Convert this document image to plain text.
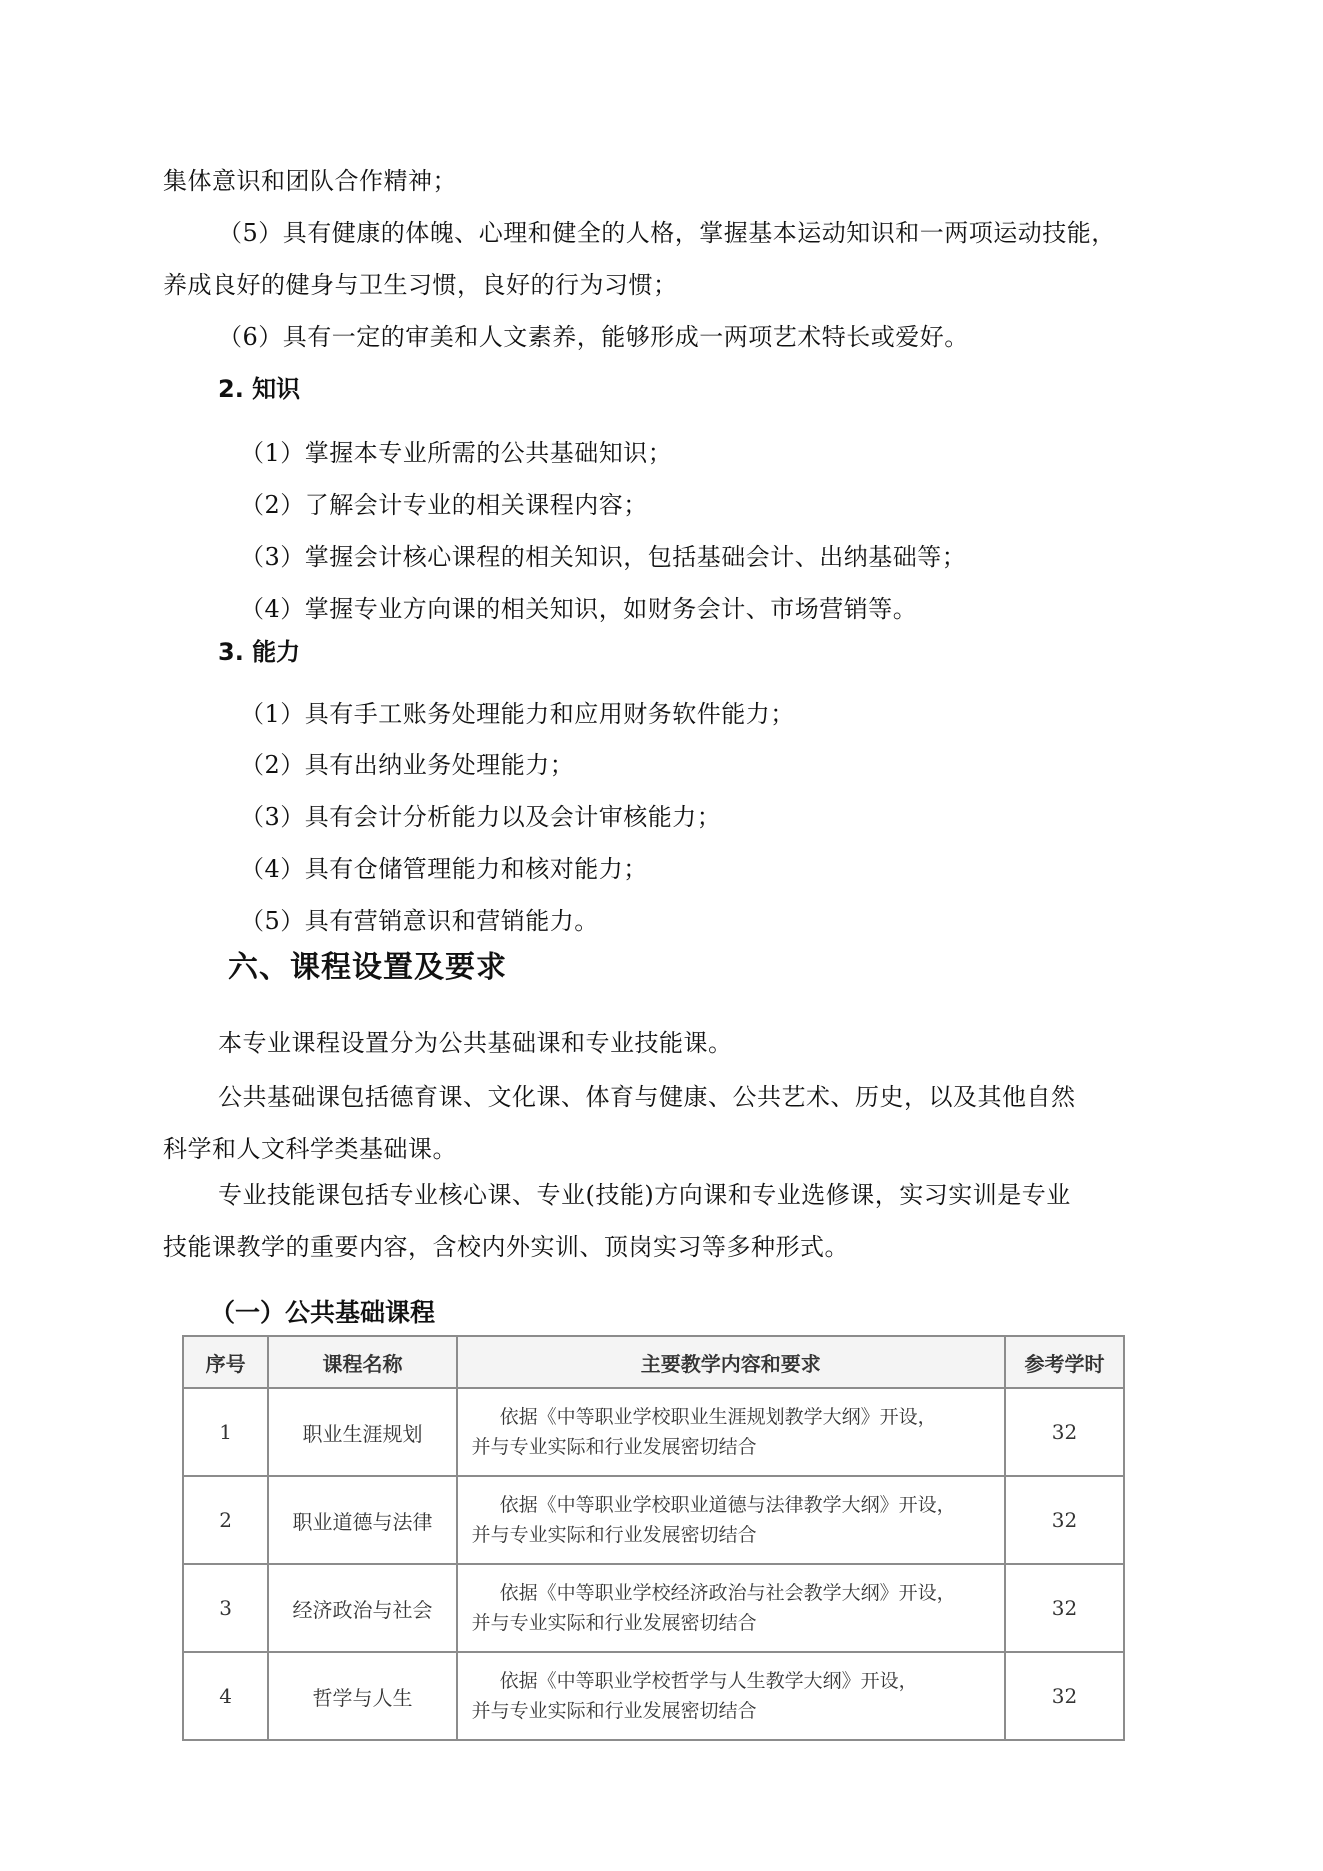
集体意识和团队合作精神；
（5）具有健康的体魄、心理和健全的人格，掌握基本运动知识和一两项运动技能，
养成良好的健身与卫生习惯，良好的行为习惯；
（6）具有一定的审美和人文素养，能够形成一两项艺术特长或爱好。
2. 知识
（1）掌握本专业所需的公共基础知识；
（2）了解会计专业的相关课程内容；
（3）掌握会计核心课程的相关知识，包括基础会计、出纳基础等；
（4）掌握专业方向课的相关知识，如财务会计、市场营销等。
3. 能力
（1）具有手工账务处理能力和应用财务软件能力；
（2）具有出纳业务处理能力；
（3）具有会计分析能力以及会计审核能力；
（4）具有仓储管理能力和核对能力；
（5）具有营销意识和营销能力。
六、课程设置及要求
本专业课程设置分为公共基础课和专业技能课。
公共基础课包括德育课、文化课、体育与健康、公共艺术、历史，以及其他自然
科学和人文科学类基础课。
专业技能课包括专业核心课、专业(技能)方向课和专业选修课，实习实训是专业
技能课教学的重要内容，含校内外实训、顶岗实习等多种形式。
（一）公共基础课程
序号	课程名称	主要教学内容和要求	参考学时
1	职业生涯规划	依据《中等职业学校职业生涯规划教学大纲》开设，
并与专业实际和行业发展密切结合	32
2	职业道德与法律	依据《中等职业学校职业道德与法律教学大纲》开设，
并与专业实际和行业发展密切结合	32
3	经济政治与社会	依据《中等职业学校经济政治与社会教学大纲》开设，
并与专业实际和行业发展密切结合	32
4	哲学与人生	依据《中等职业学校哲学与人生教学大纲》开设，
并与专业实际和行业发展密切结合	32
